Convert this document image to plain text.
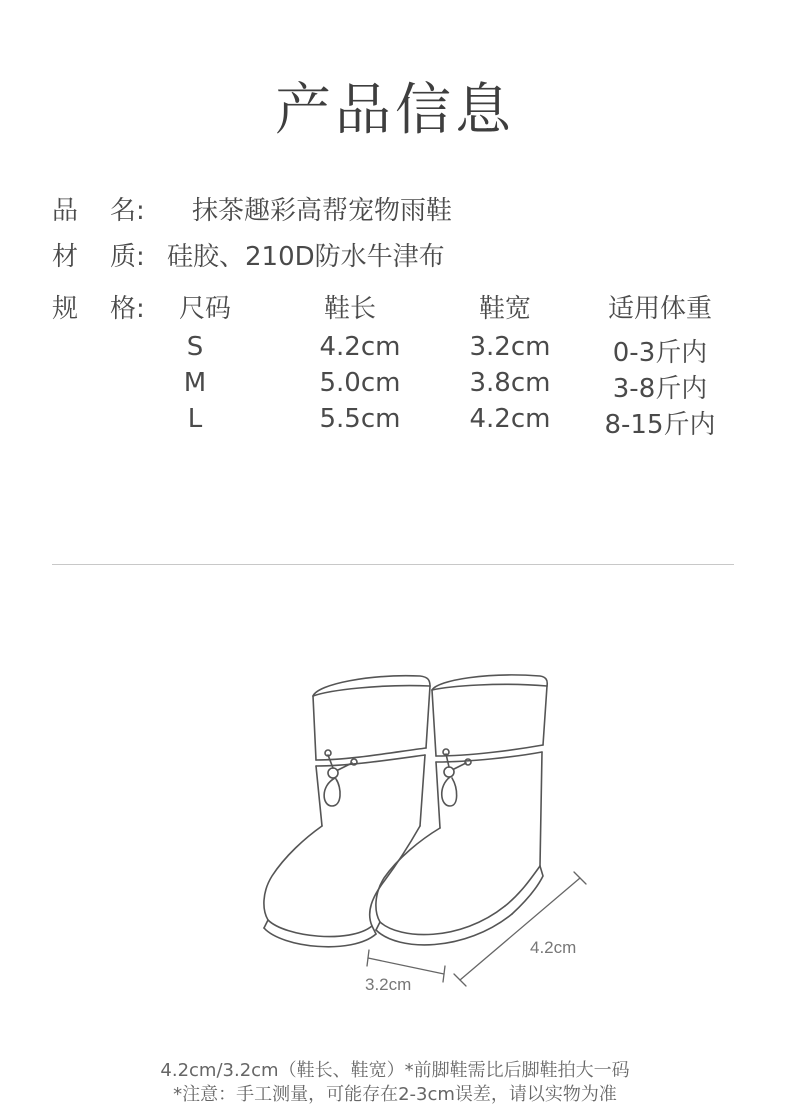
产品信息
品 名: 抹茶趣彩高帮宠物雨鞋
材 质: 硅胶、210D防水牛津布
规 格:	尺码	鞋长	鞋宽	适用体重
S	4.2cm	3.2cm	0-3斤内
M	5.0cm	3.8cm	3-8斤内
L	5.5cm	4.2cm	8-15斤内
4.2cm
3.2cm
4.2cm/3.2cm（鞋长、鞋宽）*前脚鞋需比后脚鞋拍大一码
*注意：手工测量，可能存在2-3cm误差，请以实物为准
